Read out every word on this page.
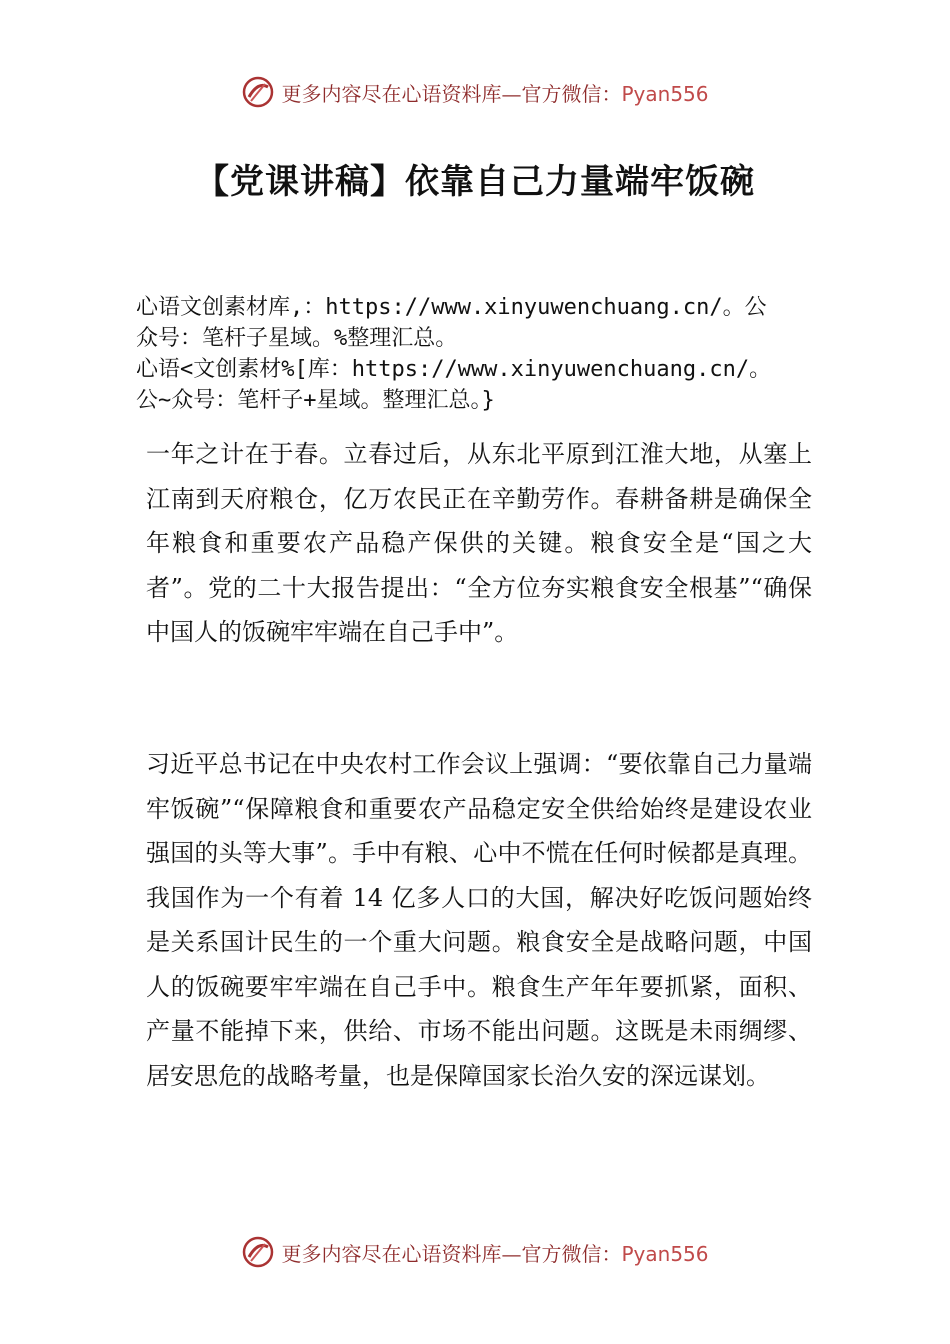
更多内容尽在心语资料库—官方微信：Pyan556
【党课讲稿】依靠自己力量端牢饭碗
心语文创素材库,：https://www.xinyuwenchuang.cn/。公
众号：笔杆子星域。%整理汇总。
心语<文创素材%[库：https://www.xinyuwenchuang.cn/。
公~众号：笔杆子+星域。整理汇总。}

一年之计在于春。立春过后，从东北平原到江淮大地，从塞上江南到天府粮仓，亿万农民正在辛勤劳作。春耕备耕是确保全年粮食和重要农产品稳产保供的关键。粮食安全是“国之大者”。党的二十大报告提出：“全方位夯实粮食安全根基”“确保中国人的饭碗牢牢端在自己手中”。

习近平总书记在中央农村工作会议上强调：“要依靠自己力量端牢饭碗”“保障粮食和重要农产品稳定安全供给始终是建设农业强国的头等大事”。手中有粮、心中不慌在任何时候都是真理。我国作为一个有着 14 亿多人口的大国，解决好吃饭问题始终是关系国计民生的一个重大问题。粮食安全是战略问题，中国人的饭碗要牢牢端在自己手中。粮食生产年年要抓紧，面积、产量不能掉下来，供给、市场不能出问题。这既是未雨绸缪、居安思危的战略考量，也是保障国家长治久安的深远谋划。

更多内容尽在心语资料库—官方微信：Pyan556
